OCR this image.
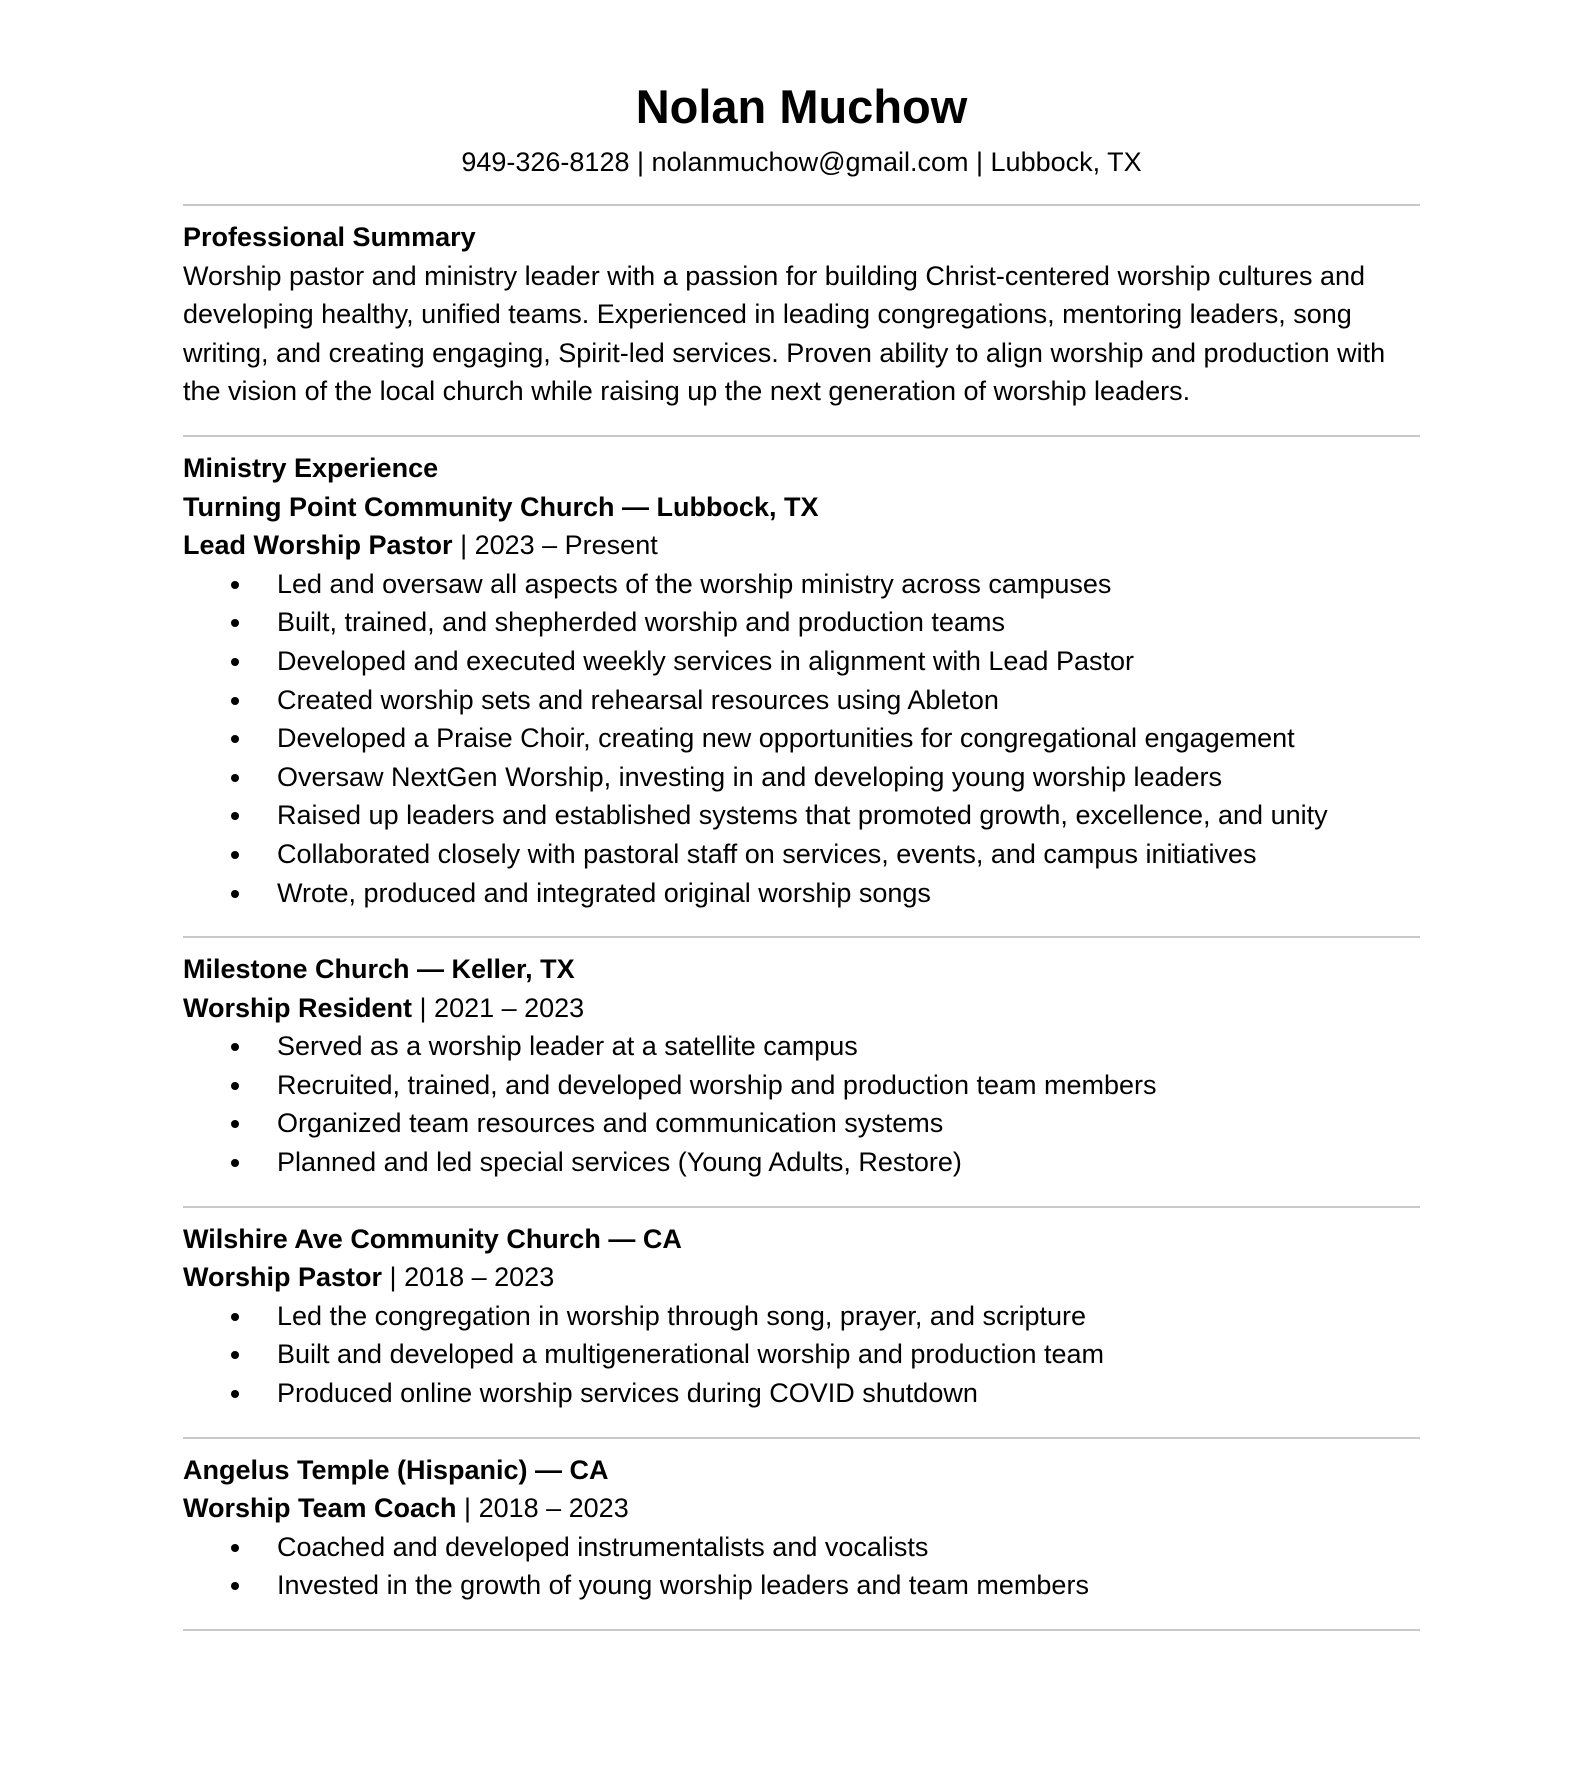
Nolan Muchow

949-326-8128 | nolanmuchow@gmail.com | Lubbock, TX

Professional Summary

Worship pastor and ministry leader with a passion for building Christ-centered worship cultures and developing healthy, unified teams. Experienced in leading congregations, mentoring leaders, song writing, and creating engaging, Spirit-led services. Proven ability to align worship and production with the vision of the local church while raising up the next generation of worship leaders.

Ministry Experience

Turning Point Community Church — Lubbock, TX

Lead Worship Pastor | 2023 – Present

Led and oversaw all aspects of the worship ministry across campuses
Built, trained, and shepherded worship and production teams
Developed and executed weekly services in alignment with Lead Pastor
Created worship sets and rehearsal resources using Ableton
Developed a Praise Choir, creating new opportunities for congregational engagement
Oversaw NextGen Worship, investing in and developing young worship leaders
Raised up leaders and established systems that promoted growth, excellence, and unity
Collaborated closely with pastoral staff on services, events, and campus initiatives
Wrote, produced and integrated original worship songs

Milestone Church — Keller, TX

Worship Resident | 2021 – 2023

Served as a worship leader at a satellite campus
Recruited, trained, and developed worship and production team members
Organized team resources and communication systems
Planned and led special services (Young Adults, Restore)

Wilshire Ave Community Church — CA

Worship Pastor | 2018 – 2023

Led the congregation in worship through song, prayer, and scripture
Built and developed a multigenerational worship and production team
Produced online worship services during COVID shutdown

Angelus Temple (Hispanic) — CA

Worship Team Coach | 2018 – 2023

Coached and developed instrumentalists and vocalists
Invested in the growth of young worship leaders and team members
